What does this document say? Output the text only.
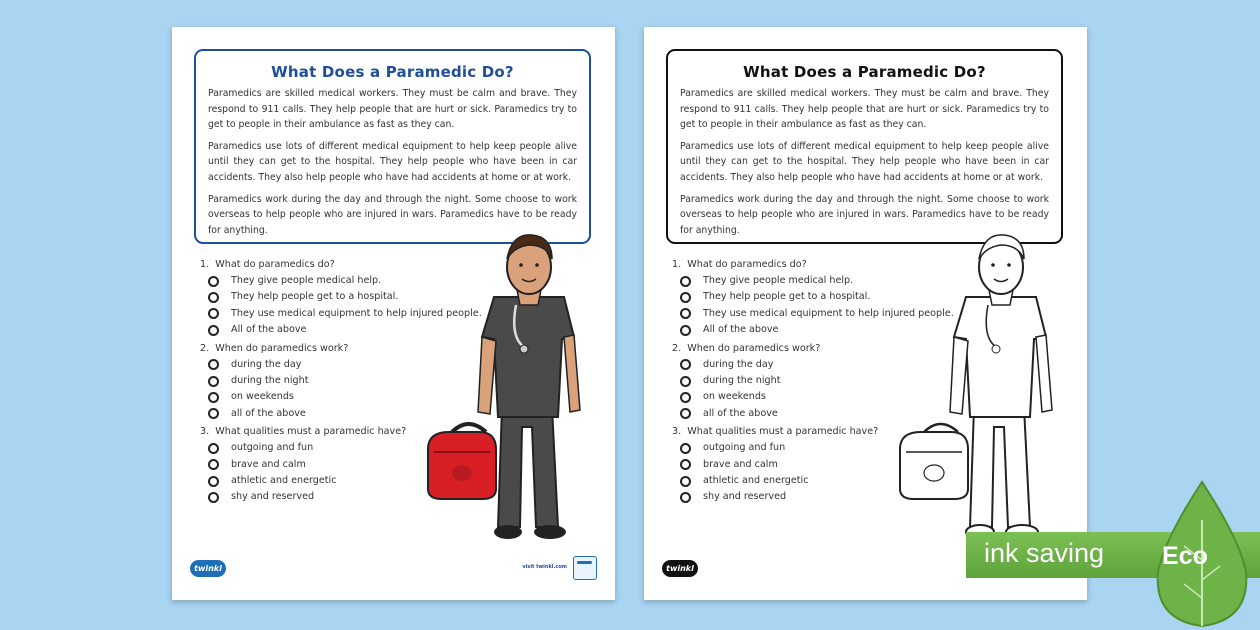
What Does a Paramedic Do?

Paramedics are skilled medical workers. They must be calm and brave. They respond to 911 calls. They help people that are hurt or sick. Paramedics try to get to people in their ambulance as fast as they can.

Paramedics use lots of different medical equipment to help keep people alive until they can get to the hospital. They help people who have been in car accidents. They also help people who have had accidents at home or at work.

Paramedics work during the day and through the night. Some choose to work overseas to help people who are injured in wars. Paramedics have to be ready for anything.

1. What do paramedics do?
They give people medical help.
They help people get to a hospital.
They use medical equipment to help injured people.
All of the above
2. When do paramedics work?
during the day
during the night
on weekends
all of the above
3. What qualities must a paramedic have?
outgoing and fun
brave and calm
athletic and energetic
shy and reserved
twinkl	visit twinkl.com
What Does a Paramedic Do?

Paramedics are skilled medical workers. They must be calm and brave. They respond to 911 calls. They help people that are hurt or sick. Paramedics try to get to people in their ambulance as fast as they can.

Paramedics use lots of different medical equipment to help keep people alive until they can get to the hospital. They help people who have been in car accidents. They also help people who have had accidents at home or at work.

Paramedics work during the day and through the night. Some choose to work overseas to help people who are injured in wars. Paramedics have to be ready for anything.

1. What do paramedics do?
They give people medical help.
They help people get to a hospital.
They use medical equipment to help injured people.
All of the above
2. When do paramedics work?
during the day
during the night
on weekends
all of the above
3. What qualities must a paramedic have?
outgoing and fun
brave and calm
athletic and energetic
shy and reserved
twinkl
ink saving Eco
